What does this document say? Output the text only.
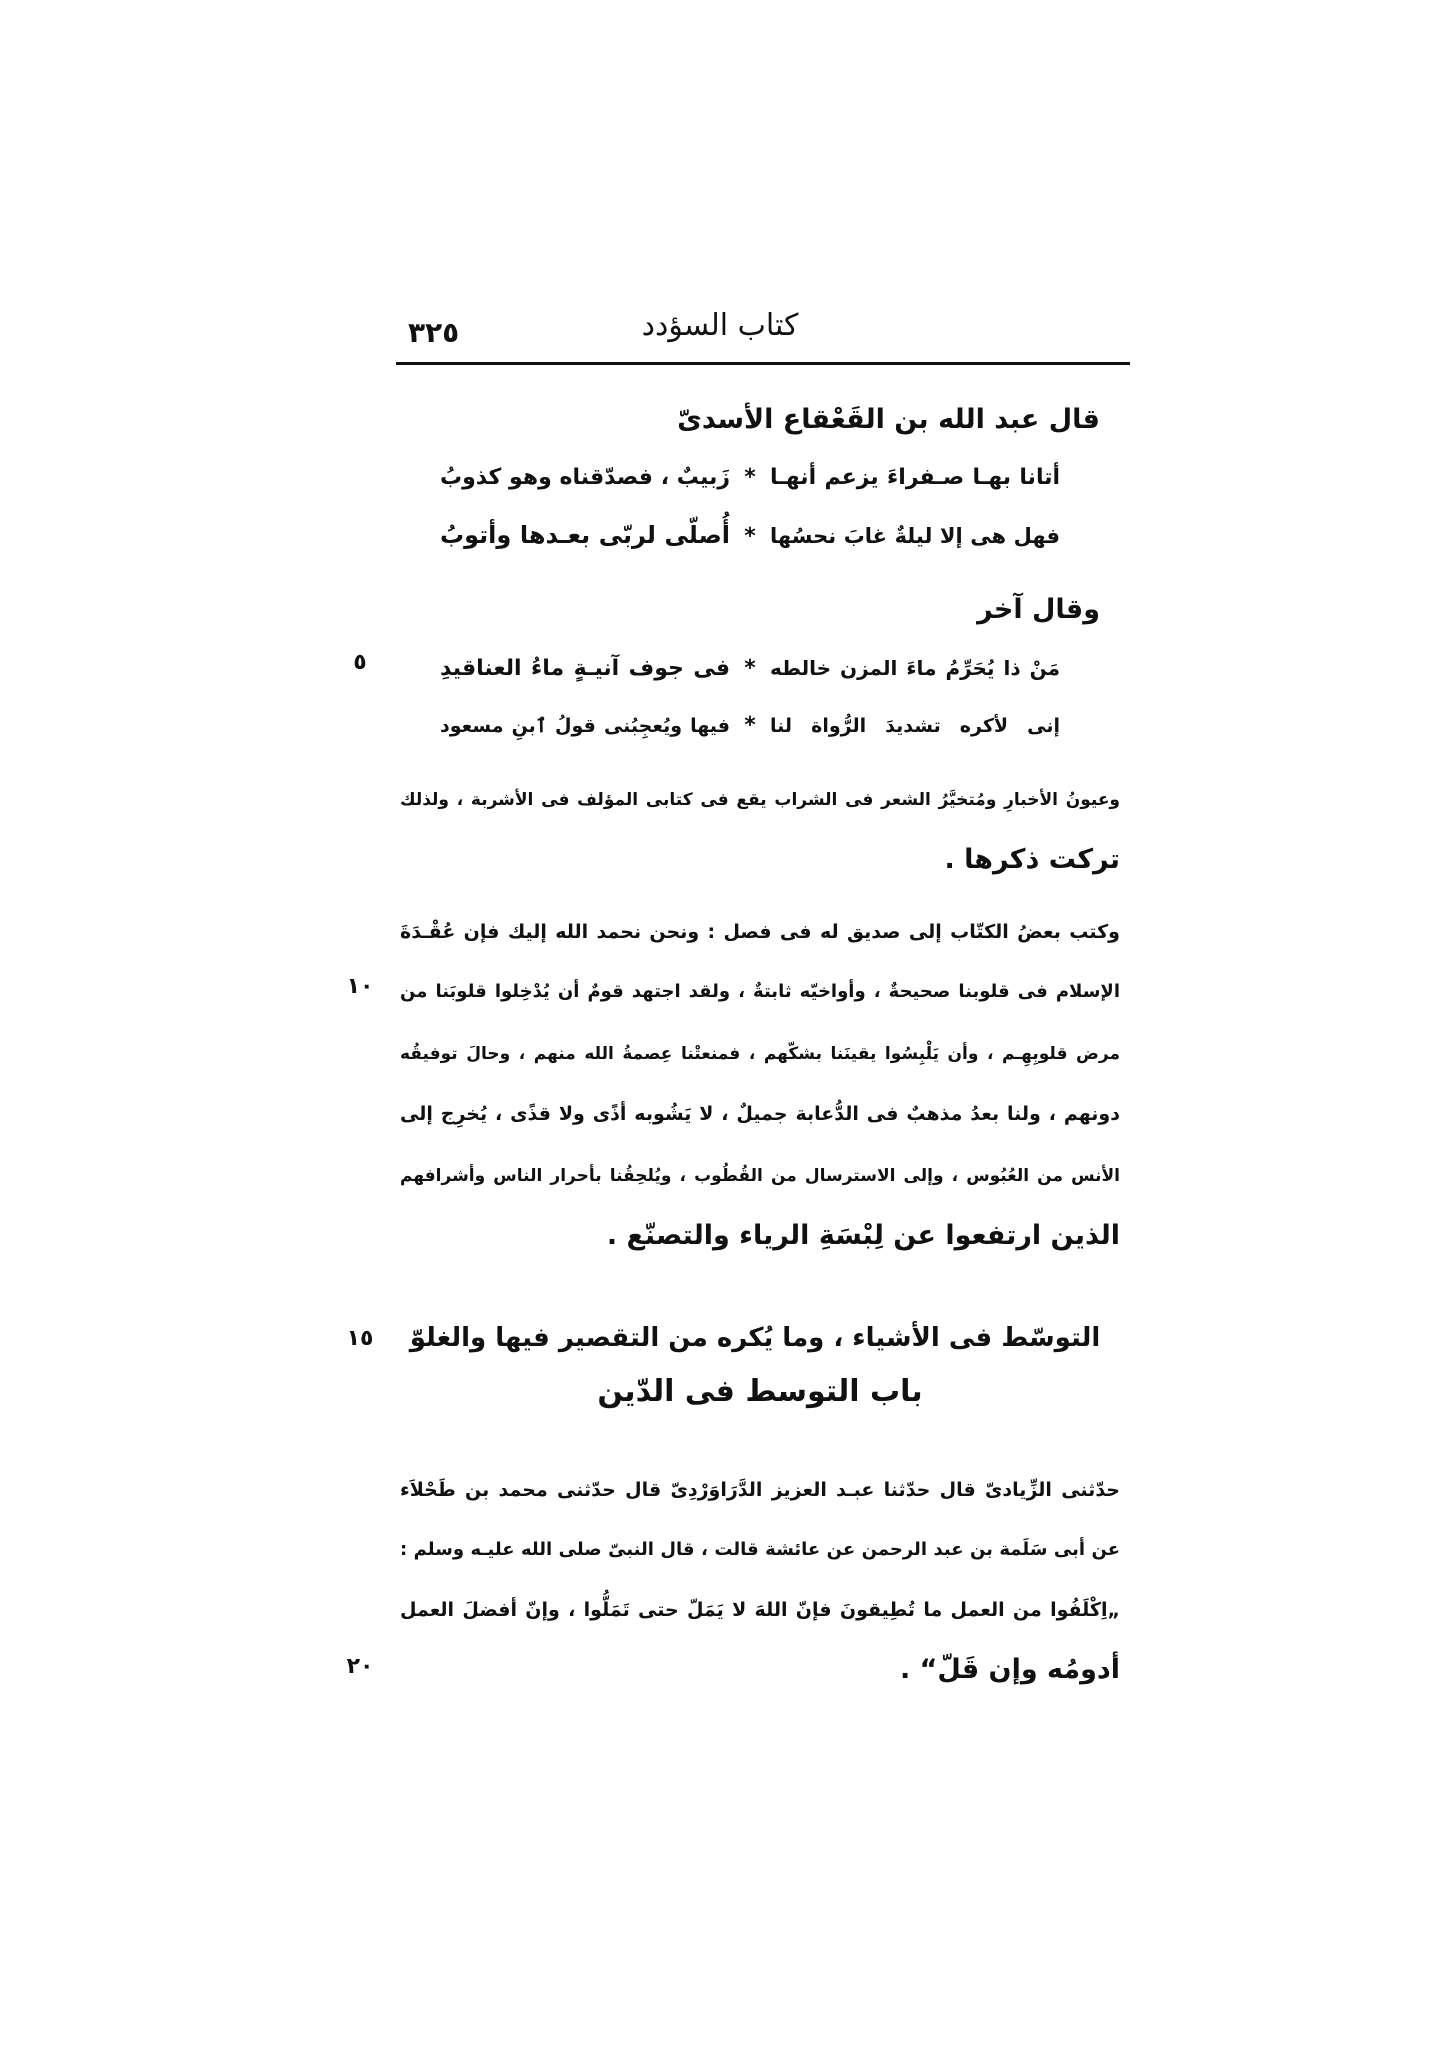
٣٢٥	كتاب السؤدد
قال عبد الله بن القَعْقاع الأسدىّ
أتانا بهـا صـفراءَ يزعم أنهـا
*
زَبيبٌ ، فصدّقناه وهو كذوبُ
فهل هى إلا ليلةٌ غابَ نحسُها
*
أُصلّى لربّى بعـدها وأتوبُ
وقال آخر
مَنْ ذا يُحَرِّمُ ماءَ المزن خالطه
*
فى جوف آنيـةٍ ماءُ العناقيدِ
٥
إنى لأكره تشديدَ الرُّواة لنا
*
فيها ويُعجِبُنى قولُ ٱبنِ مسعود
وعيونُ الأخبارِ ومُتخيَّرُ الشعر فى الشراب يقع فى كتابى المؤلف فى الأشربة ، ولذلك
تركت ذكرها .
وكتب بعضُ الكتّاب إلى صديق له فى فصل : ونحن نحمد الله إليك فإن عُقْـدَةَ
الإسلام فى قلوبنا صحيحةٌ ، وأواخيّه ثابتةٌ ، ولقد اجتهد قومٌ أن يُدْخِلوا قلوبَنا من
١٠
مرض قلوبِهِـم ، وأن يَلْبِسُوا يقينَنا بشكّهم ، فمنعتْنا عِصمةُ الله منهم ، وحالَ توفيقُه
دونهم ، ولنا بعدُ مذهبٌ فى الدُّعابة جميلٌ ، لا يَشُوبه أذًى ولا قذًى ، يُخرِج إلى
الأنس من العُبُوس ، وإلى الاسترسال من القُطُوب ، ويُلحِقُنا بأحرار الناس وأشرافهم
الذين ارتفعوا عن لِبْسَةِ الرياء والتصنّع .
التوسّط فى الأشياء ، وما يُكره من التقصير فيها والغلوّ
١٥
باب التوسط فى الدّين
حدّثنى الزِّيادىّ قال حدّثنا عبـد العزيز الدَّرَاوَرْدِىّ قال حدّثنى محمد بن طَحْلاَء
عن أبى سَلَمة بن عبد الرحمن عن عائشة قالت ، قال النبىّ صلى الله عليـه وسلم :
„اِكْلَفُوا من العمل ما تُطِيقونَ فإنّ اللهَ لا يَمَلّ حتى تَمَلُّوا ، وإنّ أفضلَ العمل
أدومُه وإن قَلّ“ .
٢٠
